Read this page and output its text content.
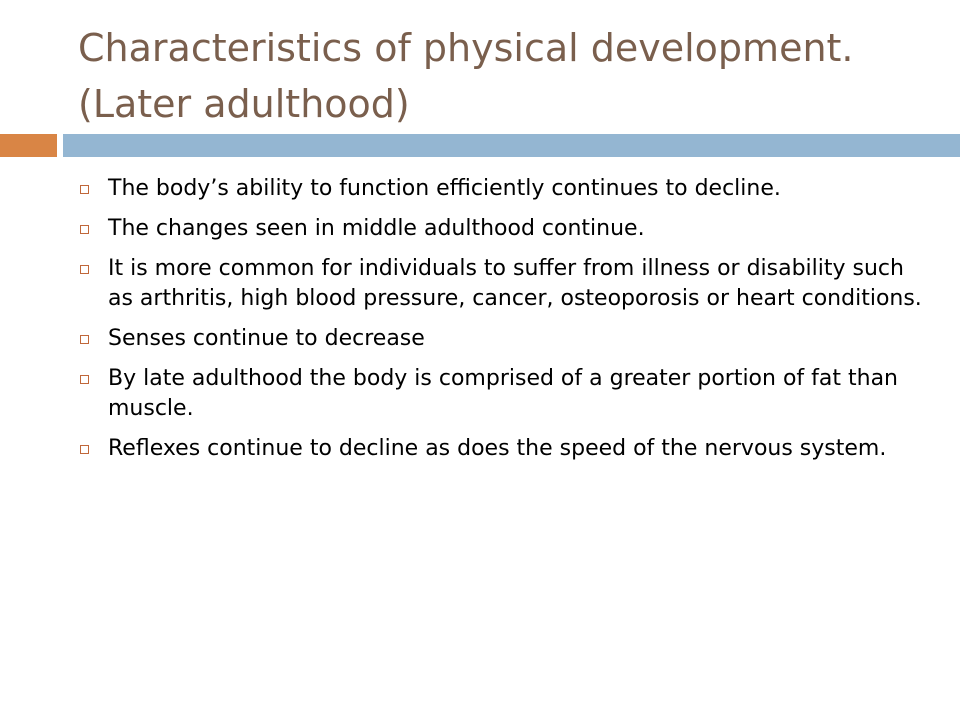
Characteristics of physical development. (Later adulthood)
The body’s ability to function efficiently continues to decline.
The changes seen in middle adulthood continue.
It is more common for individuals to suffer from illness or disability such as arthritis, high blood pressure, cancer, osteoporosis or heart conditions.
Senses continue to decrease
By late adulthood the body is comprised of a greater portion of fat than muscle.
Reflexes continue to decline as does the speed of the nervous system.
